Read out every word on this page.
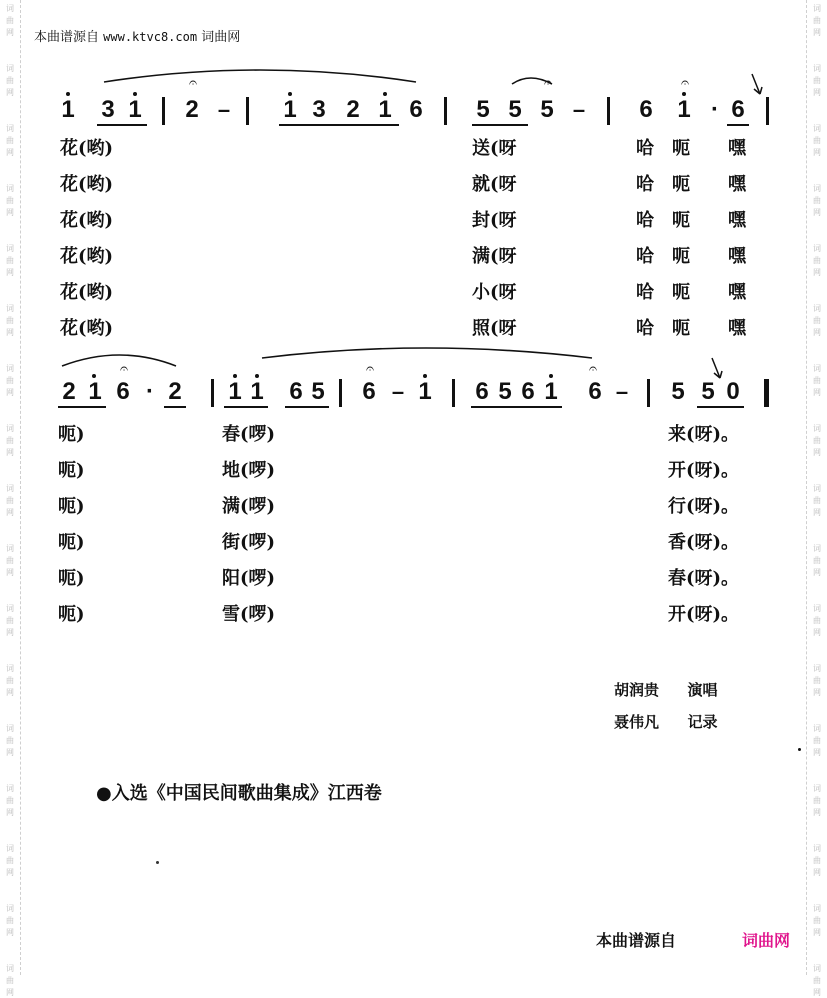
词	词
曲	曲
网	网
词	词
曲	曲
网	网
词	词
曲	曲
网	网
词	词
曲	曲
网	网
词	词
曲	曲
网	网
词	词
曲	曲
网	网
词	词
曲	曲
网	网
词	词
曲	曲
网	网
词	词
曲	曲
网	网
词	词
曲	曲
网	网
词	词
曲	曲
网	网
词	词
曲	曲
网	网
词	词
曲	曲
网	网
词	词
曲	曲
网	网
词	词
曲	曲
网	网
词	词
曲	曲
网	网
词	词
曲	曲
网	网
本曲谱源自 www.ktvc8.com 词曲网
𝄐	𝄐	𝄐
1 3 1 2 – 1 3 2 1 6 5 5 5 – 6 1 · 6
花(哟)	送(呀	哈 呃 嘿
花(哟)	就(呀	哈 呃 嘿
花(哟)	封(呀	哈 呃 嘿
花(哟)	满(呀	哈 呃 嘿
花(哟)	小(呀	哈 呃 嘿
花(哟)	照(呀	哈 呃 嘿
𝄐	𝄐	𝄐
2 1 6 · 2 1 1 6 5 6 – 1 6 5 6 1 6 – 5 5 0
呃)	春(啰)	来(呀)。
呃)	地(啰)	开(呀)。
呃)	满(啰)	行(呀)。
呃)	街(啰)	香(呀)。
呃)	阳(啰)	春(呀)。
呃)	雪(啰)	开(呀)。
胡润贵 演唱
聂伟凡 记录
●入选《中国民间歌曲集成》江西卷
本曲谱源自	词曲网
